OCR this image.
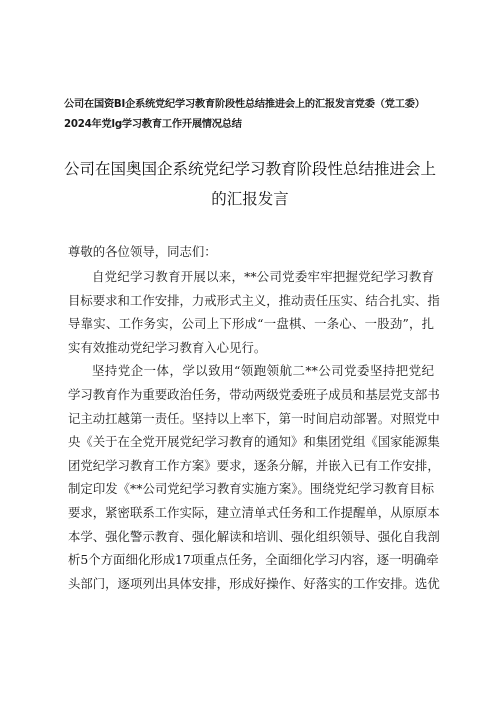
公司在国资BI企系统党纪学习教育阶段性总结推进会上的汇报发言党委（党工委）
2024年党lg学习教育工作开展情况总结
公司在国奥国企系统党纪学习教育阶段性总结推进会上
的汇报发言
尊敬的各位领导，同志们：
自党纪学习教育开展以来，**公司党委牢牢把握党纪学习教育
目标要求和工作安排，力戒形式主义，推动责任压实、结合扎实、指
导靠实、工作务实，公司上下形成“一盘棋、一条心、一股劲”，扎
实有效推动党纪学习教育入心见行。
坚持党企一体，学以致用“领跑领航二**公司党委坚持把党纪
学习教育作为重要政治任务，带动两级党委班子成员和基层党支部书
记主动扛越第一责任。坚持以上率下，第一时间启动部署。对照党中
央《关于在全党开展党纪学习教育的通知》和集团党组《国家能源集
团党纪学习教育工作方案》要求，逐条分解，并嵌入已有工作安排，
制定印发《**公司党纪学习教育实施方案》。围绕党纪学习教育目标
要求，紧密联系工作实际，建立清单式任务和工作提醒单，从原原本
本学、强化警示教育、强化解读和培训、强化组织领导、强化自我剖
析5个方面细化形成17项重点任务，全面细化学习内容，逐一明确牵
头部门，逐项列出具体安排，形成好操作、好落实的工作安排。选优
